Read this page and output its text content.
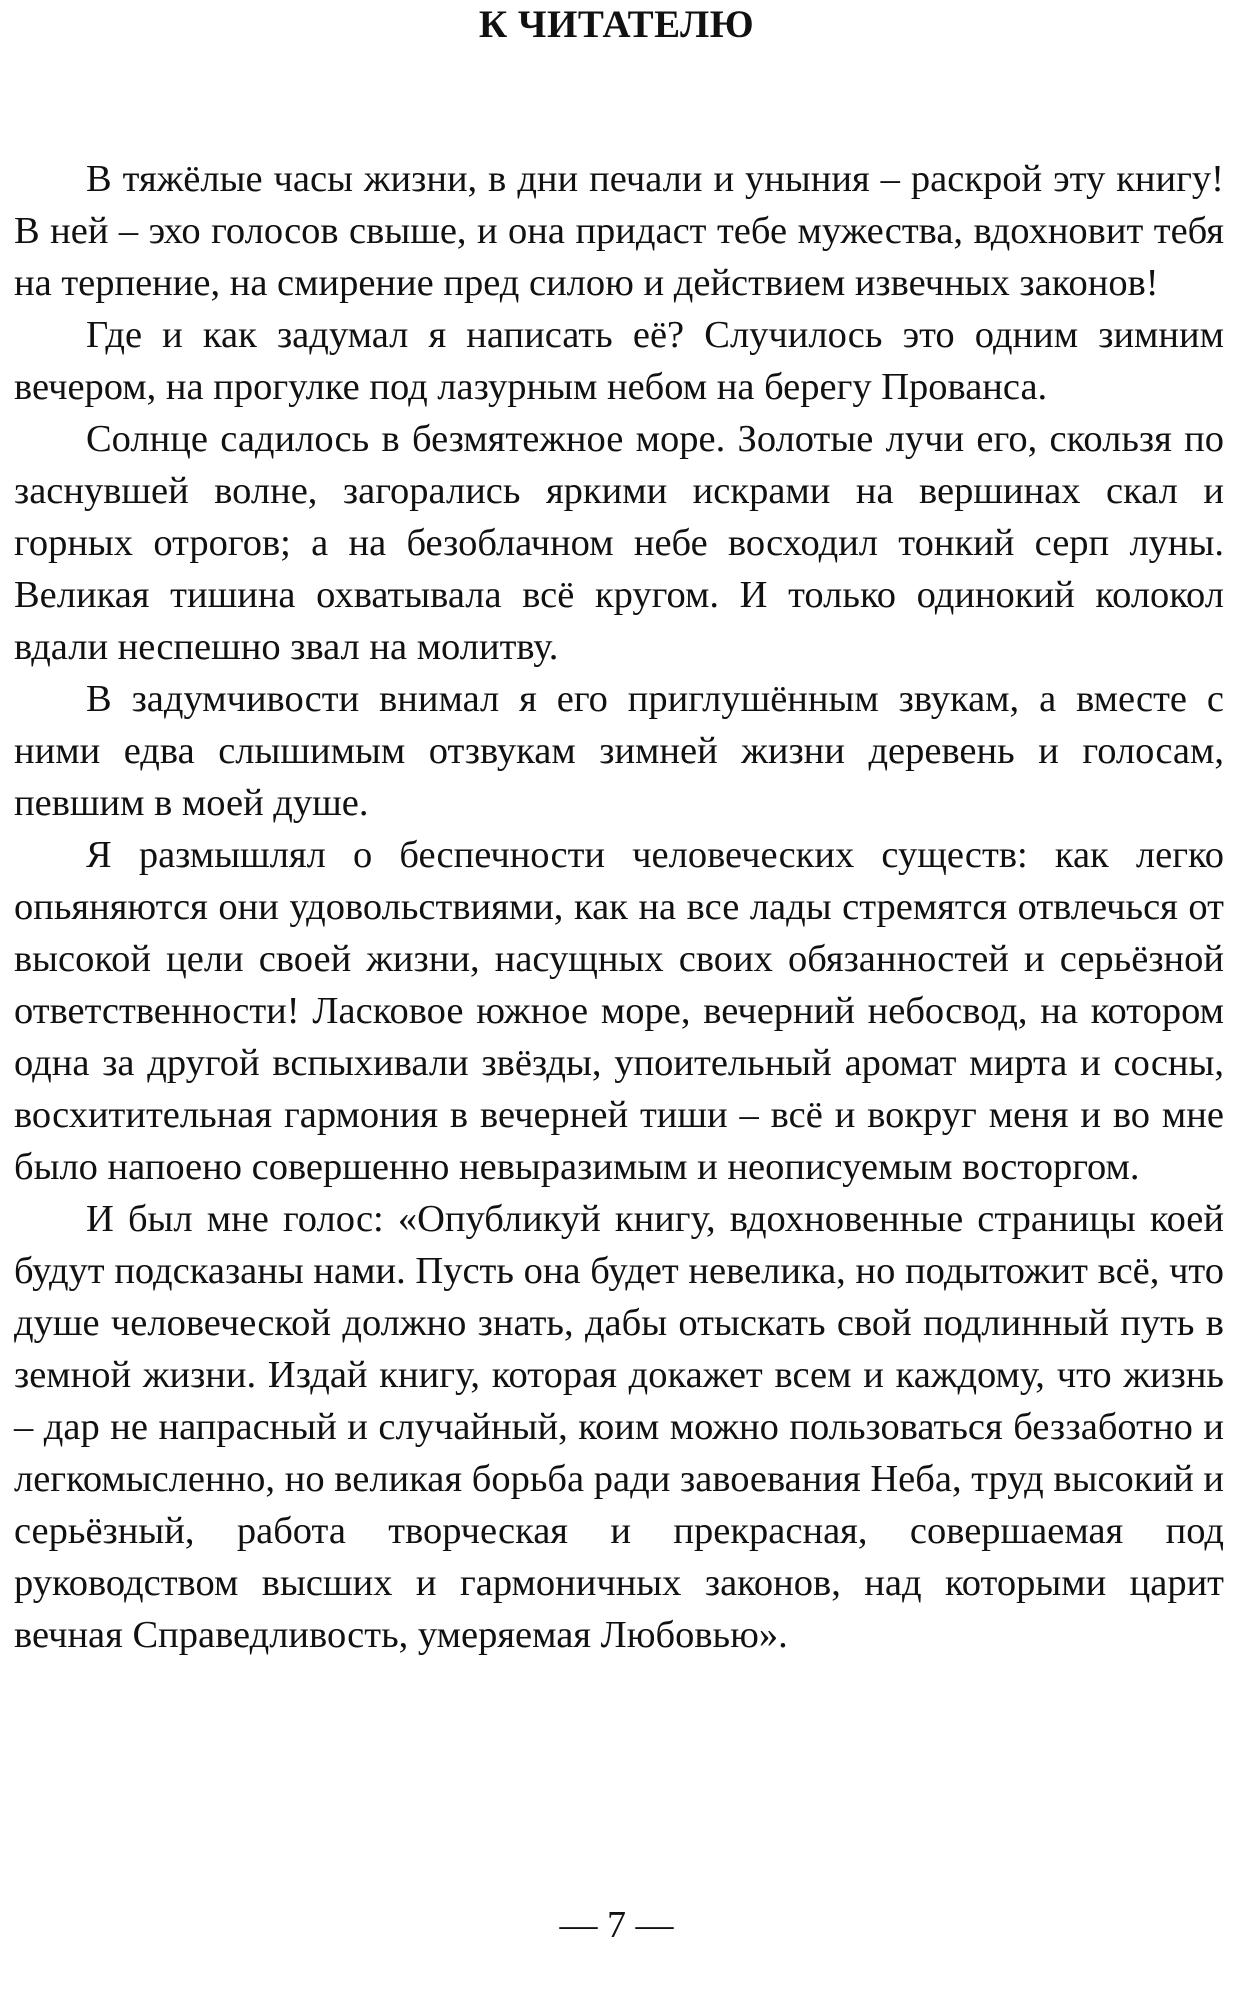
К ЧИТАТЕЛЮ

В тяжёлые часы жизни, в дни печали и уныния – раскрой эту книгу! В ней – эхо голосов свыше, и она придаст тебе мужества, вдохновит тебя на терпение, на смирение пред силою и действием извечных законов!

Где и как задумал я написать её? Случилось это одним зимним вечером, на прогулке под лазурным небом на берегу Прованса.

Солнце садилось в безмятежное море. Золотые лучи его, скользя по заснувшей волне, загорались яркими искрами на вершинах скал и горных отрогов; а на безоблачном небе восходил тонкий серп луны. Великая тишина охватывала всё кругом. И только одинокий колокол вдали неспешно звал на молитву.

В задумчивости внимал я его приглушённым звукам, а вместе с ними едва слышимым отзвукам зимней жизни деревень и голосам, певшим в моей душе.

Я размышлял о беспечности человеческих существ: как легко опьяняются они удовольствиями, как на все лады стремятся отвлечься от высокой цели своей жизни, насущных своих обязанностей и серьёзной ответственности! Ласковое южное море, вечерний небосвод, на котором одна за другой вспыхивали звёзды, упоительный аромат мирта и сосны, восхитительная гармония в вечерней тиши – всё и вокруг меня и во мне было напоено совершенно невыразимым и неописуемым восторгом.

И был мне голос: «Опубликуй книгу, вдохновенные страницы коей будут подсказаны нами. Пусть она будет невелика, но подытожит всё, что душе человеческой должно знать, дабы отыскать свой подлинный путь в земной жизни. Издай книгу, которая докажет всем и каждому, что жизнь – дар не напрасный и случайный, коим можно пользоваться беззаботно и легкомысленно, но великая борьба ради завоевания Неба, труд высокий и серьёзный, работа творческая и прекрасная, совершаемая под руководством высших и гармоничных законов, над которыми царит вечная Справедливость, умеряемая Любовью».

— 7 —
